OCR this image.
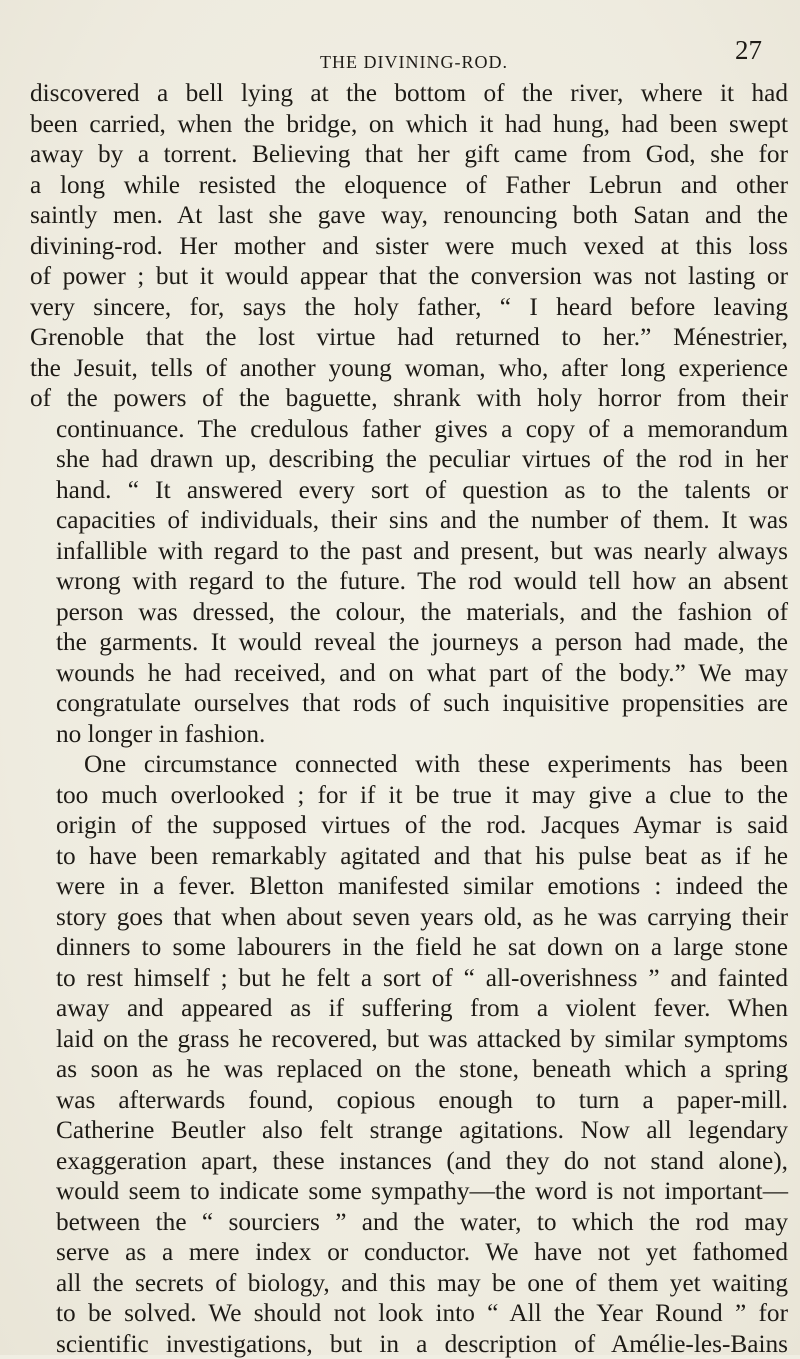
THE DIVINING-ROD.	27
discovered a bell lying at the bottom of the river, where it had
been carried, when the bridge, on which it had hung, had been swept
away by a torrent. Believing that her gift came from God, she for
a long while resisted the eloquence of Father Lebrun and other
saintly men. At last she gave way, renouncing both Satan and the
divining-rod. Her mother and sister were much vexed at this loss
of power ; but it would appear that the conversion was not lasting or
very sincere, for, says the holy father, “ I heard before leaving
Grenoble that the lost virtue had returned to her.” Ménestrier,
the Jesuit, tells of another young woman, who, after long experience
of the powers of the baguette, shrank with holy horror from their
continuance. The credulous father gives a copy of a memorandum
she had drawn up, describing the peculiar virtues of the rod in her
hand. “ It answered every sort of question as to the talents or
capacities of individuals, their sins and the number of them. It was
infallible with regard to the past and present, but was nearly always
wrong with regard to the future. The rod would tell how an absent
person was dressed, the colour, the materials, and the fashion of
the garments. It would reveal the journeys a person had made, the
wounds he had received, and on what part of the body.” We may
congratulate ourselves that rods of such inquisitive propensities are
no longer in fashion.
One circumstance connected with these experiments has been
too much overlooked ; for if it be true it may give a clue to the
origin of the supposed virtues of the rod. Jacques Aymar is said
to have been remarkably agitated and that his pulse beat as if he
were in a fever. Bletton manifested similar emotions : indeed the
story goes that when about seven years old, as he was carrying their
dinners to some labourers in the field he sat down on a large stone
to rest himself ; but he felt a sort of “ all-overishness ” and fainted
away and appeared as if suffering from a violent fever. When
laid on the grass he recovered, but was attacked by similar symptoms
as soon as he was replaced on the stone, beneath which a spring
was afterwards found, copious enough to turn a paper-mill.
Catherine Beutler also felt strange agitations. Now all legendary
exaggeration apart, these instances (and they do not stand alone),
would seem to indicate some sympathy—the word is not important—
between the “ sourciers ” and the water, to which the rod may
serve as a mere index or conductor. We have not yet fathomed
all the secrets of biology, and this may be one of them yet waiting
to be solved. We should not look into “ All the Year Round ” for
scientific investigations, but in a description of Amélie-les-Bains
